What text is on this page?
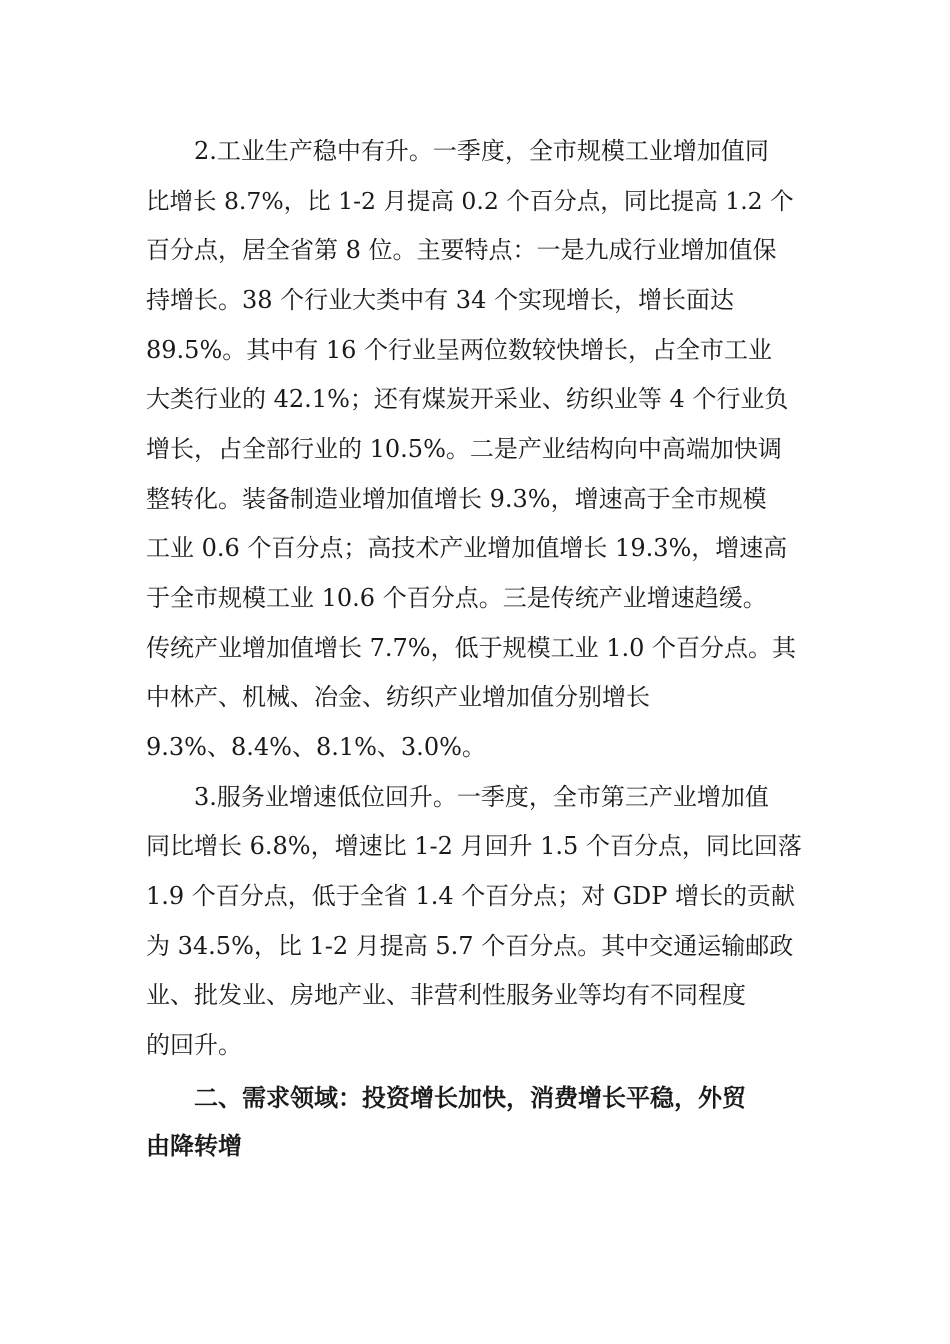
2.工业生产稳中有升。一季度，全市规模工业增加值同

比增长 8.7%，比 1-2 月提高 0.2 个百分点，同比提高 1.2 个

百分点，居全省第 8 位。主要特点：一是九成行业增加值保

持增长。38 个行业大类中有 34 个实现增长，增长面达

89.5%。其中有 16 个行业呈两位数较快增长，占全市工业

大类行业的 42.1%；还有煤炭开采业、纺织业等 4 个行业负

增长，占全部行业的 10.5%。二是产业结构向中高端加快调

整转化。装备制造业增加值增长 9.3%，增速高于全市规模

工业 0.6 个百分点；高技术产业增加值增长 19.3%，增速高

于全市规模工业 10.6 个百分点。三是传统产业增速趋缓。

传统产业增加值增长 7.7%，低于规模工业 1.0 个百分点。其

中林产、机械、冶金、纺织产业增加值分别增长

9.3%、8.4%、8.1%、3.0%。

3.服务业增速低位回升。一季度，全市第三产业增加值

同比增长 6.8%，增速比 1-2 月回升 1.5 个百分点，同比回落

1.9 个百分点，低于全省 1.4 个百分点；对 GDP 增长的贡献

为 34.5%，比 1-2 月提高 5.7 个百分点。其中交通运输邮政

业、批发业、房地产业、非营利性服务业等均有不同程度

的回升。

二、需求领域：投资增长加快，消费增长平稳，外贸

由降转增
